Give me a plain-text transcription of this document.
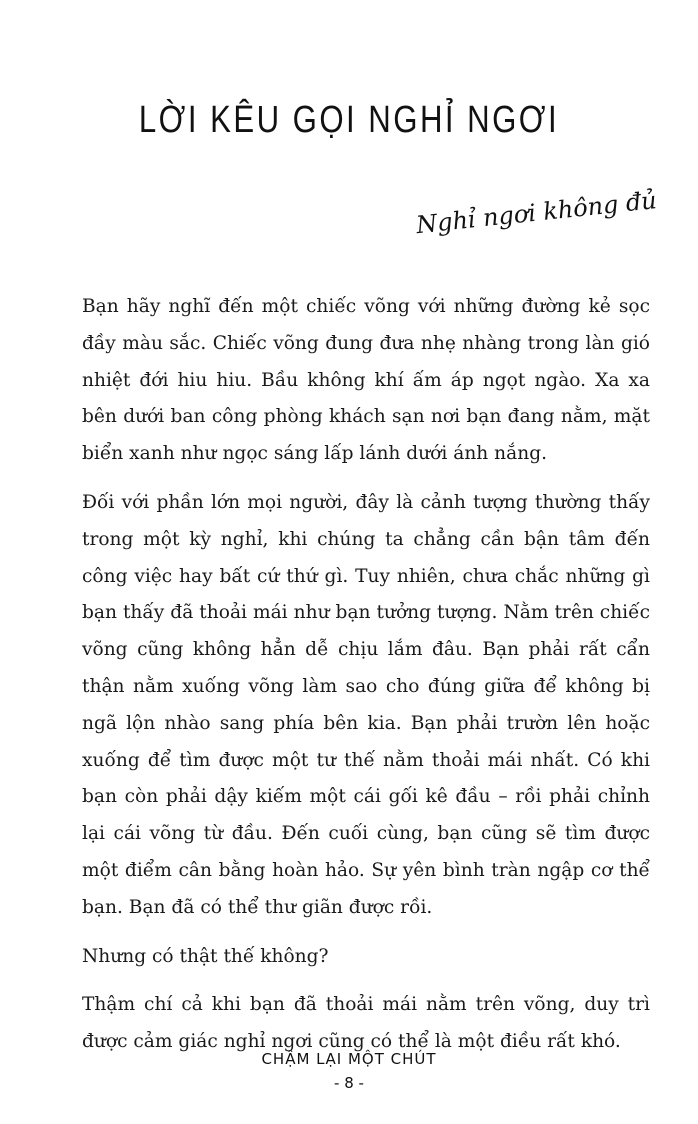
LỜI KÊU GỌI NGHỈ NGƠI
Nghỉ ngơi không đủ

Bạn hãy nghĩ đến một chiếc võng với những đường kẻ sọc đầy màu sắc. Chiếc võng đung đưa nhẹ nhàng trong làn gió nhiệt đới hiu hiu. Bầu không khí ấm áp ngọt ngào. Xa xa bên dưới ban công phòng khách sạn nơi bạn đang nằm, mặt biển xanh như ngọc sáng lấp lánh dưới ánh nắng.

Đối với phần lớn mọi người, đây là cảnh tượng thường thấy trong một kỳ nghỉ, khi chúng ta chẳng cần bận tâm đến công việc hay bất cứ thứ gì. Tuy nhiên, chưa chắc những gì bạn thấy đã thoải mái như bạn tưởng tượng. Nằm trên chiếc võng cũng không hẳn dễ chịu lắm đâu. Bạn phải rất cẩn thận nằm xuống võng làm sao cho đúng giữa để không bị ngã lộn nhào sang phía bên kia. Bạn phải trườn lên hoặc xuống để tìm được một tư thế nằm thoải mái nhất. Có khi bạn còn phải dậy kiếm một cái gối kê đầu – rồi phải chỉnh lại cái võng từ đầu. Đến cuối cùng, bạn cũng sẽ tìm được một điểm cân bằng hoàn hảo. Sự yên bình tràn ngập cơ thể bạn. Bạn đã có thể thư giãn được rồi.

Nhưng có thật thế không?

Thậm chí cả khi bạn đã thoải mái nằm trên võng, duy trì được cảm giác nghỉ ngơi cũng có thể là một điều rất khó.

CHẬM LẠI MỘT CHÚT
- 8 -
